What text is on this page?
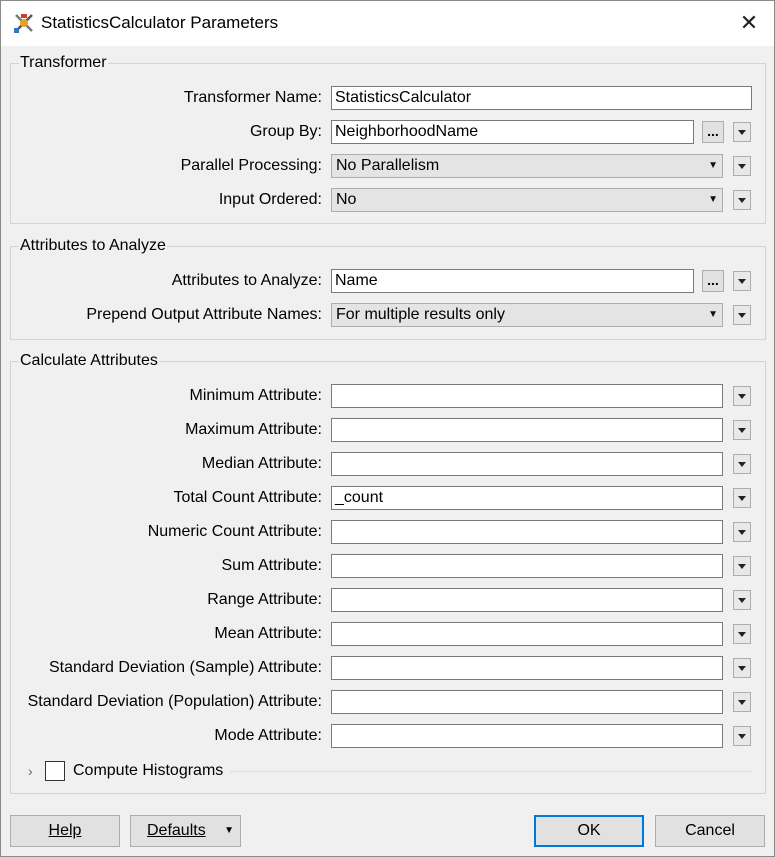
StatisticsCalculator Parameters	✕
Transformer
Transformer Name: StatisticsCalculator
Group By: NeighborhoodName	...
Parallel Processing: No Parallelism	▼
Input Ordered: No	▼
Attributes to Analyze
Attributes to Analyze: Name	...
Prepend Output Attribute Names: For multiple results only	▼
Calculate Attributes
Minimum Attribute:
Maximum Attribute:
Median Attribute:
Total Count Attribute: _count
Numeric Count Attribute:
Sum Attribute:
Range Attribute:
Mean Attribute:
Standard Deviation (Sample) Attribute:
Standard Deviation (Population) Attribute:
Mode Attribute:
›	Compute Histograms
Help	Defaults ▼	OK	Cancel
